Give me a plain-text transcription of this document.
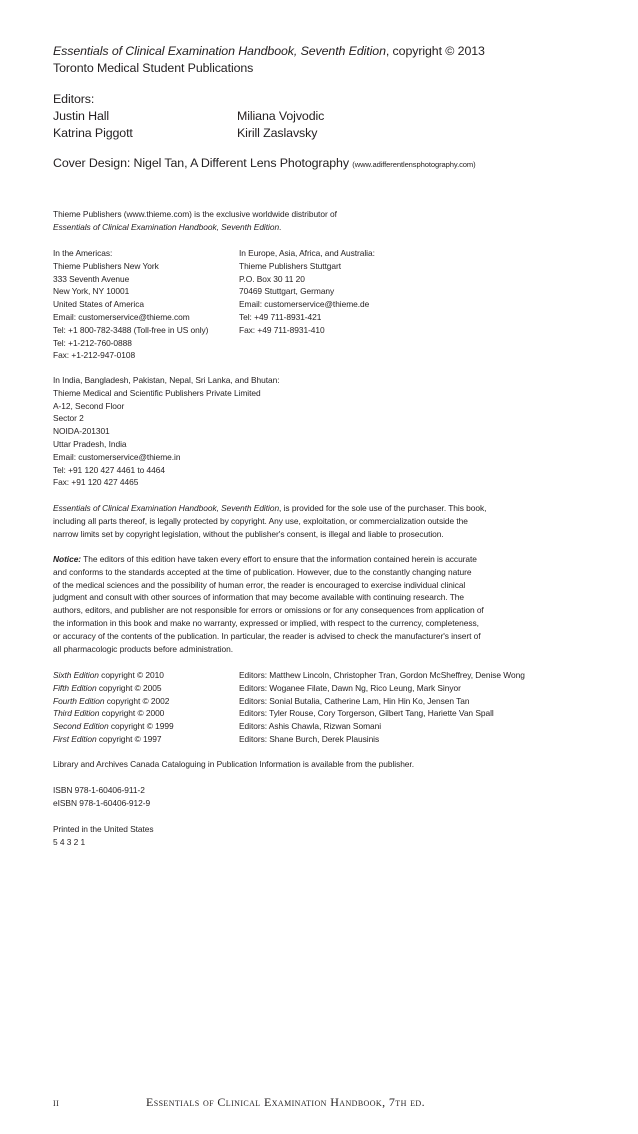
Essentials of Clinical Examination Handbook, Seventh Edition, copyright © 2013
Toronto Medical Student Publications
Editors:
Justin Hall
Katrina Piggott
Miliana Vojvodic
Kirill Zaslavsky
Cover Design: Nigel Tan, A Different Lens Photography (www.adifferentlensphotography.com)
Thieme Publishers (www.thieme.com) is the exclusive worldwide distributor of
Essentials of Clinical Examination Handbook, Seventh Edition.
In the Americas:
Thieme Publishers New York
333 Seventh Avenue
New York, NY 10001
United States of America
Email: customerservice@thieme.com
Tel: +1 800-782-3488 (Toll-free in US only)
Tel: +1-212-760-0888
Fax: +1-212-947-0108
In Europe, Asia, Africa, and Australia:
Thieme Publishers Stuttgart
P.O. Box 30 11 20
70469 Stuttgart, Germany
Email: customerservice@thieme.de
Tel: +49 711-8931-421
Fax: +49 711-8931-410
In India, Bangladesh, Pakistan, Nepal, Sri Lanka, and Bhutan:
Thieme Medical and Scientific Publishers Private Limited
A-12, Second Floor
Sector 2
NOIDA-201301
Uttar Pradesh, India
Email: customerservice@thieme.in
Tel: +91 120 427 4461 to 4464
Fax: +91 120 427 4465
Essentials of Clinical Examination Handbook, Seventh Edition, is provided for the sole use of the purchaser. This book,
including all parts thereof, is legally protected by copyright. Any use, exploitation, or commercialization outside the
narrow limits set by copyright legislation, without the publisher's consent, is illegal and liable to prosecution.
Notice: The editors of this edition have taken every effort to ensure that the information contained herein is accurate
and conforms to the standards accepted at the time of publication. However, due to the constantly changing nature
of the medical sciences and the possibility of human error, the reader is encouraged to exercise individual clinical
judgment and consult with other sources of information that may become available with continuing research. The
authors, editors, and publisher are not responsible for errors or omissions or for any consequences from application of
the information in this book and make no warranty, expressed or implied, with respect to the currency, completeness,
or accuracy of the contents of the publication. In particular, the reader is advised to check the manufacturer's insert of
all pharmacologic products before administration.
Sixth Edition copyright © 2010
Fifth Edition copyright © 2005
Fourth Edition copyright © 2002
Third Edition copyright © 2000
Second Edition copyright © 1999
First Edition copyright © 1997
Editors: Matthew Lincoln, Christopher Tran, Gordon McSheffrey, Denise Wong
Editors: Woganee Filate, Dawn Ng, Rico Leung, Mark Sinyor
Editors: Sonial Butalia, Catherine Lam, Hin Hin Ko, Jensen Tan
Editors: Tyler Rouse, Cory Torgerson, Gilbert Tang, Hariette Van Spall
Editors: Ashis Chawla, Rizwan Somani
Editors: Shane Burch, Derek Plausinis
Library and Archives Canada Cataloguing in Publication Information is available from the publisher.
ISBN 978-1-60406-911-2
eISBN 978-1-60406-912-9
Printed in the United States
5 4 3 2 1
ii	Essentials of Clinical Examination Handbook, 7th ed.
